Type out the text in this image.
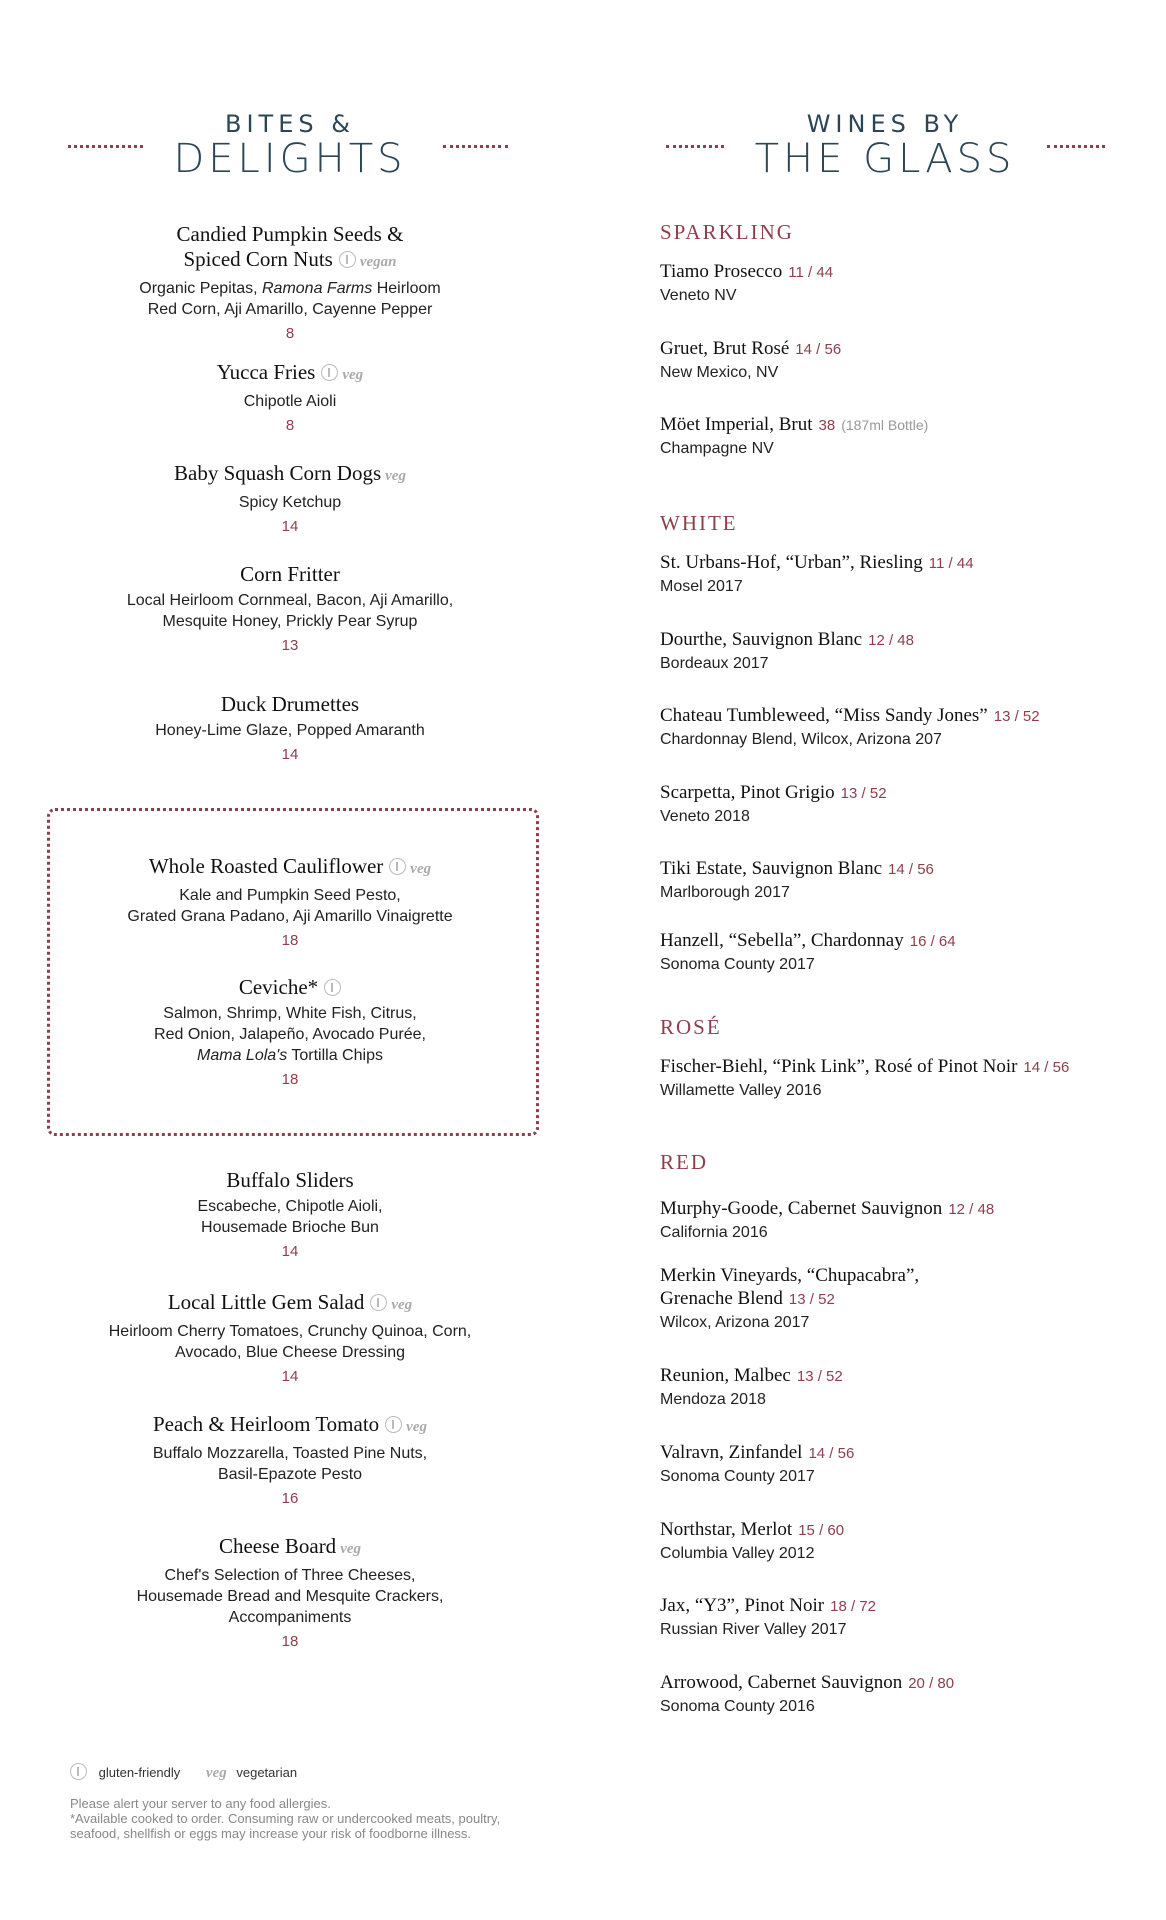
BITES &
DELIGHTS
Candied Pumpkin Seeds &
Spiced Corn Nuts vegan
Organic Pepitas, Ramona Farms Heirloom
Red Corn, Aji Amarillo, Cayenne Pepper
8
Yucca Fries veg
Chipotle Aioli
8
Baby Squash Corn Dogs veg
Spicy Ketchup
14
Corn Fritter
Local Heirloom Cornmeal, Bacon, Aji Amarillo,
Mesquite Honey, Prickly Pear Syrup
13
Duck Drumettes
Honey-Lime Glaze, Popped Amaranth
14
Whole Roasted Cauliflower veg
Kale and Pumpkin Seed Pesto,
Grated Grana Padano, Aji Amarillo Vinaigrette
18
Ceviche*
Salmon, Shrimp, White Fish, Citrus,
Red Onion, Jalapeño, Avocado Purée,
Mama Lola's Tortilla Chips
18
Buffalo Sliders
Escabeche, Chipotle Aioli,
Housemade Brioche Bun
14
Local Little Gem Salad veg
Heirloom Cherry Tomatoes, Crunchy Quinoa, Corn,
Avocado, Blue Cheese Dressing
14
Peach & Heirloom Tomato veg
Buffalo Mozzarella, Toasted Pine Nuts,
Basil-Epazote Pesto
16
Cheese Board veg
Chef's Selection of Three Cheeses,
Housemade Bread and Mesquite Crackers,
Accompaniments
18
WINES BY
THE GLASS
SPARKLING
Tiamo Prosecco 11 / 44
Veneto NV
Gruet, Brut Rosé 14 / 56
New Mexico, NV
Möet Imperial, Brut 38 (187ml Bottle)
Champagne NV
WHITE
St. Urbans-Hof, “Urban”, Riesling 11 / 44
Mosel 2017
Dourthe, Sauvignon Blanc 12 / 48
Bordeaux 2017
Chateau Tumbleweed, “Miss Sandy Jones” 13 / 52
Chardonnay Blend, Wilcox, Arizona 207
Scarpetta, Pinot Grigio 13 / 52
Veneto 2018
Tiki Estate, Sauvignon Blanc 14 / 56
Marlborough 2017
Hanzell, “Sebella”, Chardonnay 16 / 64
Sonoma County 2017
ROSÉ
Fischer-Biehl, “Pink Link”, Rosé of Pinot Noir 14 / 56
Willamette Valley 2016
RED
Murphy-Goode, Cabernet Sauvignon 12 / 48
California 2016
Merkin Vineyards, “Chupacabra”,
Grenache Blend 13 / 52
Wilcox, Arizona 2017
Reunion, Malbec 13 / 52
Mendoza 2018
Valravn, Zinfandel 14 / 56
Sonoma County 2017
Northstar, Merlot 15 / 60
Columbia Valley 2012
Jax, “Y3”, Pinot Noir 18 / 72
Russian River Valley 2017
Arrowood, Cabernet Sauvignon 20 / 80
Sonoma County 2016
gluten-friendly veg vegetarian
Please alert your server to any food allergies.
*Available cooked to order. Consuming raw or undercooked meats, poultry,
seafood, shellfish or eggs may increase your risk of foodborne illness.
